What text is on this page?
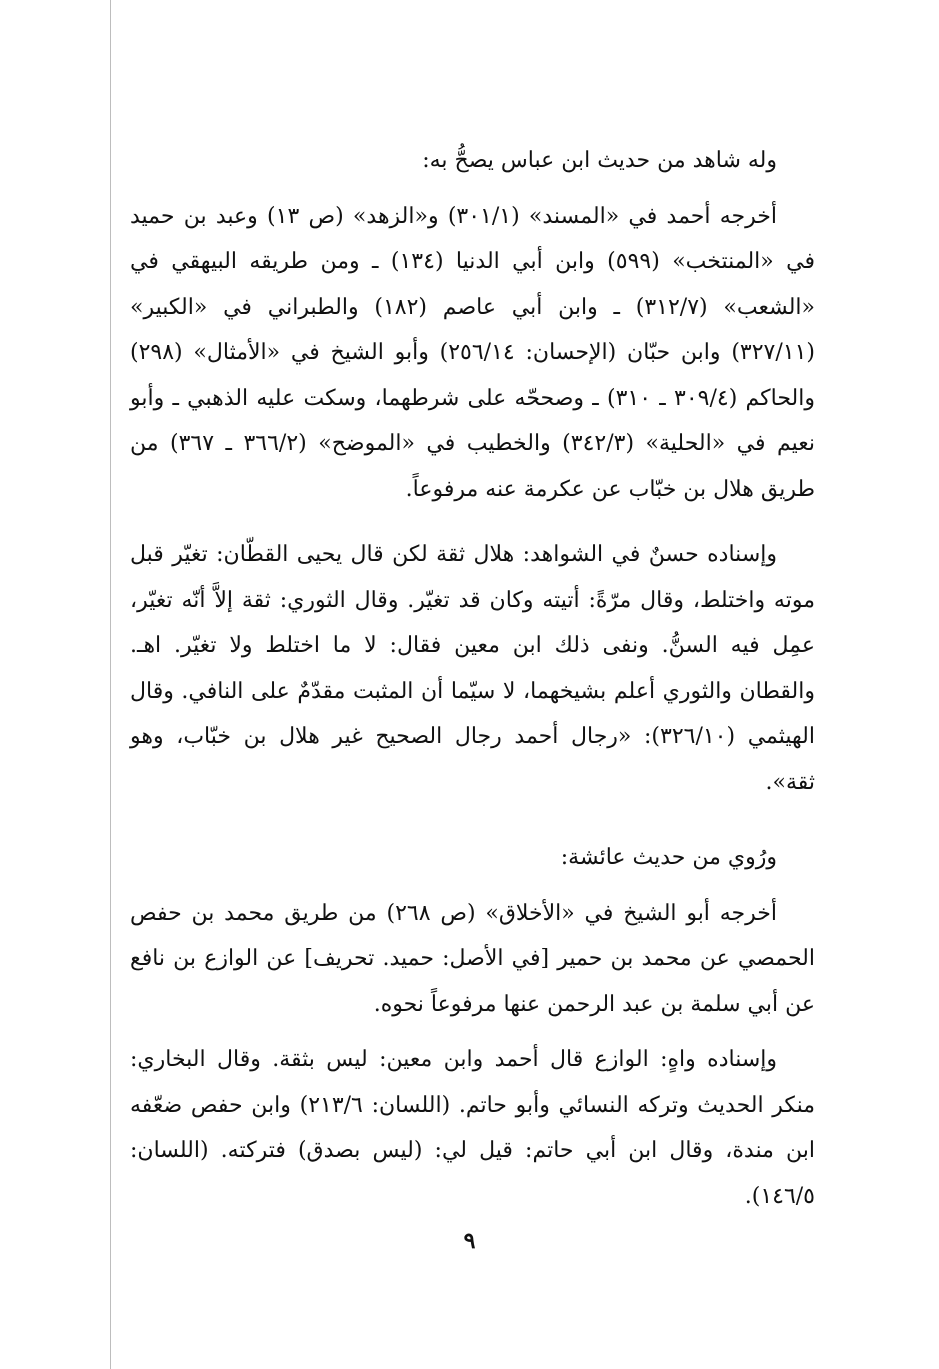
وله شاهد من حديث ابن عباس يصحُّ به:

أخرجه أحمد في «المسند» (٣٠١/١) و«الزهد» (ص ١٣) وعبد بن حميد في «المنتخب» (٥٩٩) وابن أبي الدنيا (١٣٤) ـ ومن طريقه البيهقي في «الشعب» (٣١٢/٧) ـ وابن أبي عاصم (١٨٢) والطبراني في «الكبير» (٣٢٧/١١) وابن حبّان (الإحسان: ٢٥٦/١٤) وأبو الشيخ في «الأمثال» (٢٩٨) والحاكم (٣٠٩/٤ ـ ٣١٠) ـ وصححّه على شرطهما، وسكت عليه الذهبي ـ وأبو نعيم في «الحلية» (٣٤٢/٣) والخطيب في «الموضح» (٣٦٦/٢ ـ ٣٦٧) من طريق هلال بن خبّاب عن عكرمة عنه مرفوعاً.

وإسناده حسنٌ في الشواهد: هلال ثقة لكن قال يحيى القطّان: تغيّر قبل موته واختلط، وقال مرّةً: أتيته وكان قد تغيّر. وقال الثوري: ثقة إلاَّ أنّه تغيّر، عمِل فيه السنُّ. ونفى ذلك ابن معين فقال: لا ما اختلط ولا تغيّر. اهـ. والقطان والثوري أعلم بشيخهما، لا سيّما أن المثبت مقدّمٌ على النافي. وقال الهيثمي (٣٢٦/١٠): «رجال أحمد رجال الصحيح غير هلال بن خبّاب، وهو ثقة».

ورُوي من حديث عائشة:

أخرجه أبو الشيخ في «الأخلاق» (ص ٢٦٨) من طريق محمد بن حفص الحمصي عن محمد بن حمير [في الأصل: حميد. تحريف] عن الوازع بن نافع عن أبي سلمة بن عبد الرحمن عنها مرفوعاً نحوه.

وإسناده واهٍ: الوازع قال أحمد وابن معين: ليس بثقة. وقال البخاري: منكر الحديث وتركه النسائي وأبو حاتم. (اللسان: ٢١٣/٦) وابن حفص ضعّفه ابن مندة، وقال ابن أبي حاتم: قيل لي: (ليس بصدق) فتركته. (اللسان: ١٤٦/٥).

٩
